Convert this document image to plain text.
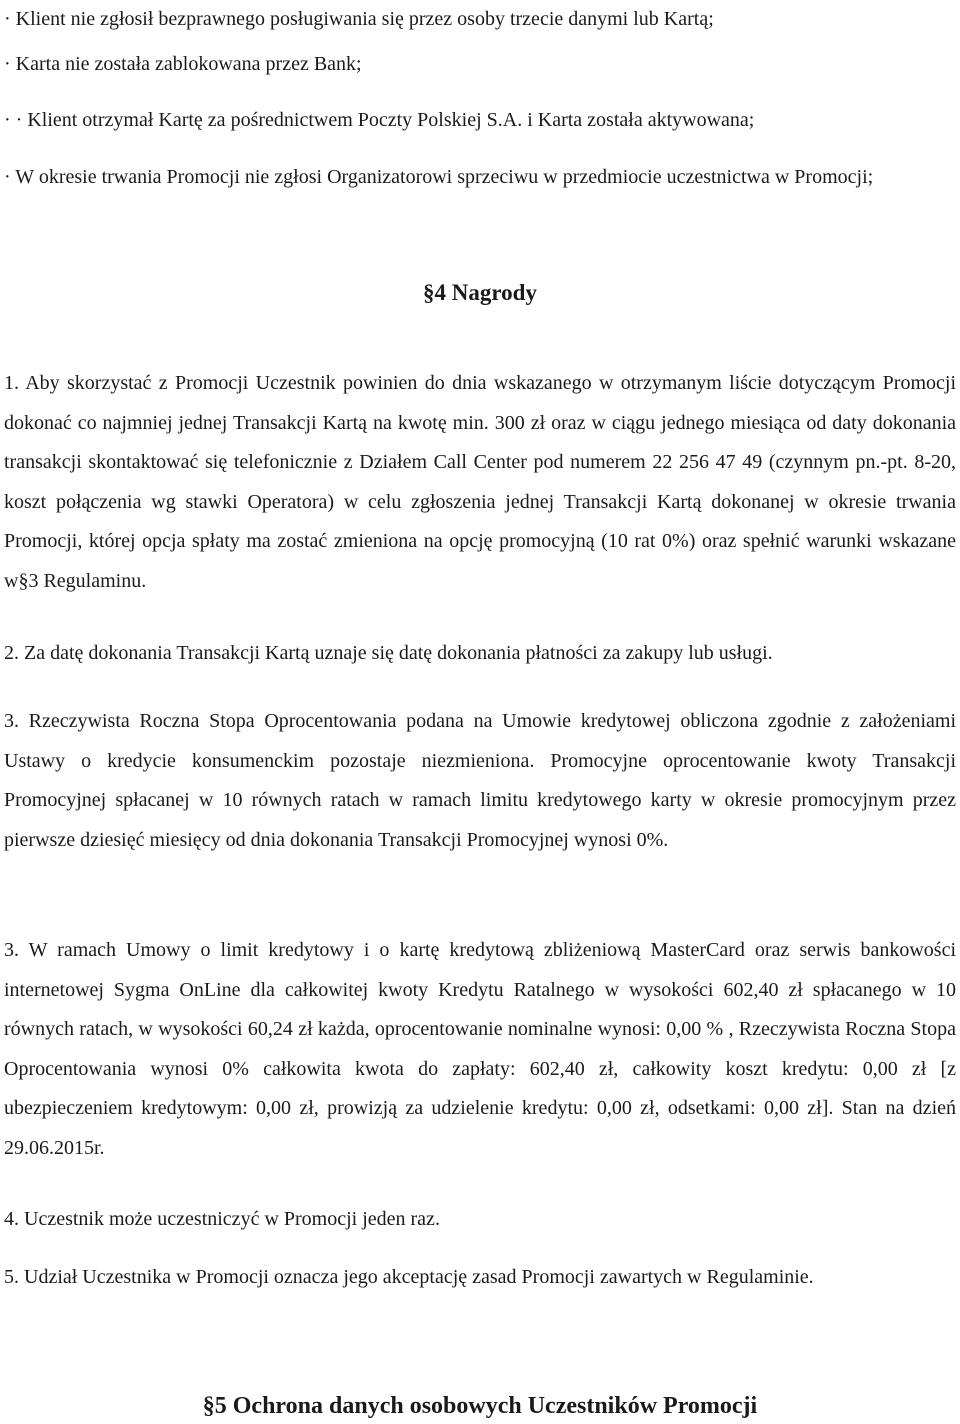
· Klient nie zgłosił bezprawnego posługiwania się przez osoby trzecie danymi lub Kartą;
· Karta nie została zablokowana przez Bank;
· · Klient otrzymał Kartę za pośrednictwem Poczty Polskiej S.A. i Karta została aktywowana;
· W okresie trwania Promocji nie zgłosi Organizatorowi sprzeciwu w przedmiocie uczestnictwa w Promocji;
§4 Nagrody
1. Aby skorzystać z Promocji Uczestnik powinien do dnia wskazanego w otrzymanym liście dotyczącym Promocji dokonać co najmniej jednej Transakcji Kartą na kwotę min. 300 zł oraz w ciągu jednego miesiąca od daty dokonania transakcji skontaktować się telefonicznie z Działem Call Center pod numerem 22 256 47 49 (czynnym pn.-pt. 8-20, koszt połączenia wg stawki Operatora) w celu zgłoszenia jednej Transakcji Kartą dokonanej w okresie trwania Promocji, której opcja spłaty ma zostać zmieniona na opcję promocyjną (10 rat 0%) oraz spełnić warunki wskazane w§3 Regulaminu.
2. Za datę dokonania Transakcji Kartą uznaje się datę dokonania płatności za zakupy lub usługi.
3. Rzeczywista Roczna Stopa Oprocentowania podana na Umowie kredytowej obliczona zgodnie z założeniami Ustawy o kredycie konsumenckim pozostaje niezmieniona. Promocyjne oprocentowanie kwoty Transakcji Promocyjnej spłacanej w 10 równych ratach w ramach limitu kredytowego karty w okresie promocyjnym przez pierwsze dziesięć miesięcy od dnia dokonania Transakcji Promocyjnej wynosi 0%.
3. W ramach Umowy o limit kredytowy i o kartę kredytową zbliżeniową MasterCard oraz serwis bankowości internetowej Sygma OnLine dla całkowitej kwoty Kredytu Ratalnego w wysokości 602,40 zł spłacanego w 10 równych ratach, w wysokości 60,24 zł każda, oprocentowanie nominalne wynosi: 0,00 % , Rzeczywista Roczna Stopa Oprocentowania wynosi 0% całkowita kwota do zapłaty: 602,40 zł, całkowity koszt kredytu: 0,00 zł [z ubezpieczeniem kredytowym: 0,00 zł, prowizją za udzielenie kredytu: 0,00 zł, odsetkami: 0,00 zł]. Stan na dzień 29.06.2015r.
4. Uczestnik może uczestniczyć w Promocji jeden raz.
5. Udział Uczestnika w Promocji oznacza jego akceptację zasad Promocji zawartych w Regulaminie.
§5 Ochrona danych osobowych Uczestników Promocji
